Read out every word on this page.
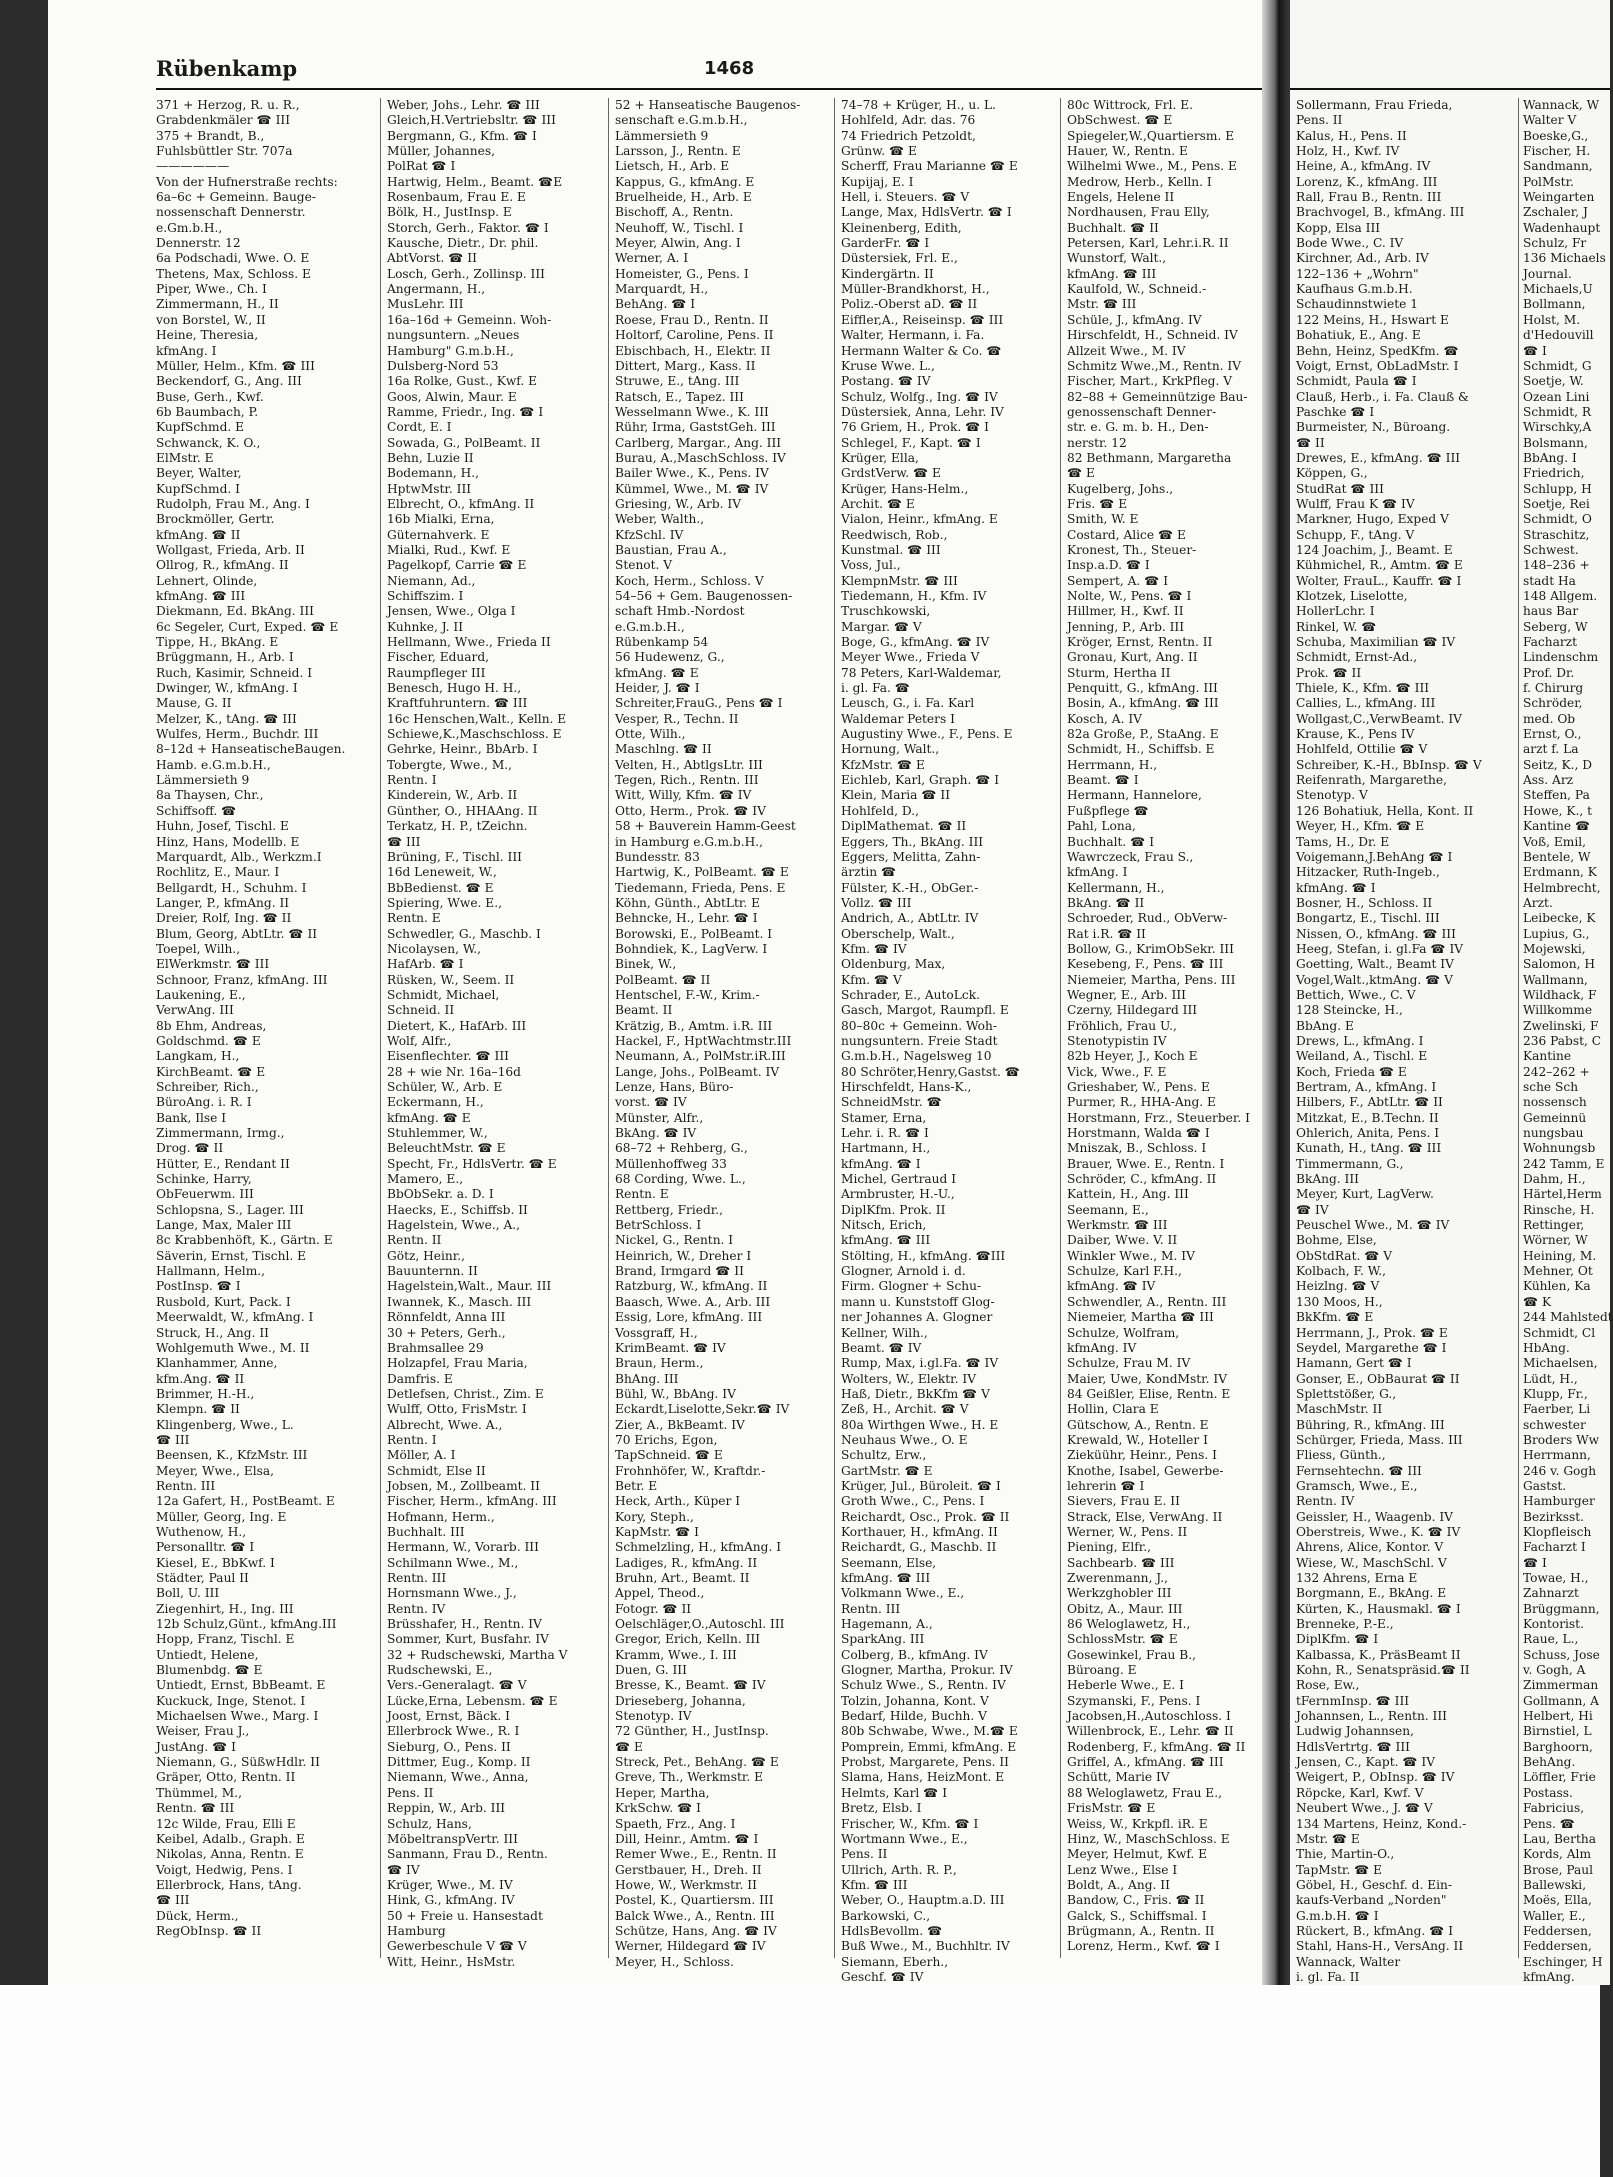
Rübenkamp	1468
371 + Herzog, R. u. R.,
Grabdenkmäler ☎ III
375 + Brandt, B.,
Fuhlsbüttler Str. 707a
——————
Von der Hufnerstraße rechts:
6a–6c + Gemeinn. Bauge-
nossenschaft Dennerstr.
e.Gm.b.H.,
Dennerstr. 12
6a Podschadi, Wwe. O. E
Thetens, Max, Schloss. E
Piper, Wwe., Ch. I
Zimmermann, H., II
von Borstel, W., II
Heine, Theresia,
kfmAng. I
Müller, Helm., Kfm. ☎ III
Beckendorf, G., Ang. III
Buse, Gerh., Kwf.
6b Baumbach, P.
KupfSchmd. E
Schwanck, K. O.,
ElMstr. E
Beyer, Walter,
KupfSchmd. I
Rudolph, Frau M., Ang. I
Brockmöller, Gertr.
kfmAng. ☎ II
Wollgast, Frieda, Arb. II
Ollrog, R., kfmAng. II
Lehnert, Olinde,
kfmAng. ☎ III
Diekmann, Ed. BkAng. III
6c Segeler, Curt, Exped. ☎ E
Tippe, H., BkAng. E
Brüggmann, H., Arb. I
Ruch, Kasimir, Schneid. I
Dwinger, W., kfmAng. I
Mause, G. II
Melzer, K., tAng. ☎ III
Wulfes, Herm., Buchdr. III
8–12d + HanseatischeBaugen.
Hamb. e.G.m.b.H.,
Lämmersieth 9
8a Thaysen, Chr.,
Schiffsoff. ☎
Huhn, Josef, Tischl. E
Hinz, Hans, Modellb. E
Marquardt, Alb., Werkzm.I
Rochlitz, E., Maur. I
Bellgardt, H., Schuhm. I
Langer, P., kfmAng. II
Dreier, Rolf, Ing. ☎ II
Blum, Georg, AbtLtr. ☎ II
Toepel, Wilh.,
ElWerkmstr. ☎ III
Schnoor, Franz, kfmAng. III
Laukening, E.,
VerwAng. III
8b Ehm, Andreas,
Goldschmd. ☎ E
Langkam, H.,
KirchBeamt. ☎ E
Schreiber, Rich.,
BüroAng. i. R. I
Bank, Ilse I
Zimmermann, Irmg.,
Drog. ☎ II
Hütter, E., Rendant II
Schinke, Harry,
ObFeuerwm. III
Schlopsna, S., Lager. III
Lange, Max, Maler III
8c Krabbenhöft, K., Gärtn. E
Säverin, Ernst, Tischl. E
Hallmann, Helm.,
PostInsp. ☎ I
Rusbold, Kurt, Pack. I
Meerwaldt, W., kfmAng. I
Struck, H., Ang. II
Wohlgemuth Wwe., M. II
Klanhammer, Anne,
kfm.Ang. ☎ II
Brimmer, H.-H.,
Klempn. ☎ II
Klingenberg, Wwe., L.
☎ III
Beensen, K., KfzMstr. III
Meyer, Wwe., Elsa,
Rentn. III
12a Gafert, H., PostBeamt. E
Müller, Georg, Ing. E
Wuthenow, H.,
Personalltr. ☎ I
Kiesel, E., BbKwf. I
Städter, Paul II
Boll, U. III
Ziegenhirt, H., Ing. III
12b Schulz,Günt., kfmAng.III
Hopp, Franz, Tischl. E
Untiedt, Helene,
Blumenbdg. ☎ E
Untiedt, Ernst, BbBeamt. E
Kuckuck, Inge, Stenot. I
Michaelsen Wwe., Marg. I
Weiser, Frau J.,
JustAng. ☎ I
Niemann, G., SüßwHdlr. II
Gräper, Otto, Rentn. II
Thümmel, M.,
Rentn. ☎ III
12c Wilde, Frau, Elli E
Keibel, Adalb., Graph. E
Nikolas, Anna, Rentn. E
Voigt, Hedwig, Pens. I
Ellerbrock, Hans, tAng.
☎ III
Dück, Herm.,
RegObInsp. ☎ II
Weber, Johs., Lehr. ☎ III
Gleich,H.Vertriebsltr. ☎ III
Bergmann, G., Kfm. ☎ I
Müller, Johannes,
PolRat ☎ I
Hartwig, Helm., Beamt. ☎E
Rosenbaum, Frau E. E
Bölk, H., JustInsp. E
Storch, Gerh., Faktor. ☎ I
Kausche, Dietr., Dr. phil.
AbtVorst. ☎ II
Losch, Gerh., Zollinsp. III
Angermann, H.,
MusLehr. III
16a–16d + Gemeinn. Woh-
nungsuntern. „Neues
Hamburg" G.m.b.H.,
Dulsberg-Nord 53
16a Rolke, Gust., Kwf. E
Goos, Alwin, Maur. E
Ramme, Friedr., Ing. ☎ I
Cordt, E. I
Sowada, G., PolBeamt. II
Behn, Luzie II
Bodemann, H.,
HptwMstr. III
Elbrecht, O., kfmAng. II
16b Mialki, Erna,
Güternahverk. E
Mialki, Rud., Kwf. E
Pagelkopf, Carrie ☎ E
Niemann, Ad.,
Schiffszim. I
Jensen, Wwe., Olga I
Kuhnke, J. II
Hellmann, Wwe., Frieda II
Fischer, Eduard,
Raumpfleger III
Benesch, Hugo H. H.,
Kraftfuhruntern. ☎ III
16c Henschen,Walt., Kelln. E
Schiewe,K.,Maschschloss. E
Gehrke, Heinr., BbArb. I
Tobergte, Wwe., M.,
Rentn. I
Kinderein, W., Arb. II
Günther, O., HHAAng. II
Terkatz, H. P., tZeichn.
☎ III
Brüning, F., Tischl. III
16d Leneweit, W.,
BbBedienst. ☎ E
Spiering, Wwe. E.,
Rentn. E
Schwedler, G., Maschb. I
Nicolaysen, W.,
HafArb. ☎ I
Rüsken, W., Seem. II
Schmidt, Michael,
Schneid. II
Dietert, K., HafArb. III
Wolf, Alfr.,
Eisenflechter. ☎ III
28 + wie Nr. 16a–16d
Schüler, W., Arb. E
Eckermann, H.,
kfmAng. ☎ E
Stuhlemmer, W.,
BeleuchtMstr. ☎ E
Specht, Fr., HdlsVertr. ☎ E
Mamero, E.,
BbObSekr. a. D. I
Haecks, E., Schiffsb. II
Hagelstein, Wwe., A.,
Rentn. II
Götz, Heinr.,
Bauunternn. II
Hagelstein,Walt., Maur. III
Iwannek, K., Masch. III
Rönnfeldt, Anna III
30 + Peters, Gerh.,
Brahmsallee 29
Holzapfel, Frau Maria,
Damfris. E
Detlefsen, Christ., Zim. E
Wulff, Otto, FrisMstr. I
Albrecht, Wwe. A.,
Rentn. I
Möller, A. I
Schmidt, Else II
Jobsen, M., Zollbeamt. II
Fischer, Herm., kfmAng. III
Hofmann, Herm.,
Buchhalt. III
Hermann, W., Vorarb. III
Schilmann Wwe., M.,
Rentn. III
Hornsmann Wwe., J.,
Rentn. IV
Brüsshafer, H., Rentn. IV
Sommer, Kurt, Busfahr. IV
32 + Rudschewski, Martha V
Rudschewski, E.,
Vers.-Generalagt. ☎ V
Lücke,Erna, Lebensm. ☎ E
Joost, Ernst, Bäck. I
Ellerbrock Wwe., R. I
Sieburg, O., Pens. II
Dittmer, Eug., Komp. II
Niemann, Wwe., Anna,
Pens. II
Reppin, W., Arb. III
Schulz, Hans,
MöbeltranspVertr. III
Sanmann, Frau D., Rentn.
☎ IV
Krüger, Wwe., M. IV
Hink, G., kfmAng. IV
50 + Freie u. Hansestadt
Hamburg
Gewerbeschule V ☎ V
Witt, Heinr., HsMstr.
52 + Hanseatische Baugenos-
senschaft e.G.m.b.H.,
Lämmersieth 9
Larsson, J., Rentn. E
Lietsch, H., Arb. E
Kappus, G., kfmAng. E
Bruelheide, H., Arb. E
Bischoff, A., Rentn.
Neuhoff, W., Tischl. I
Meyer, Alwin, Ang. I
Werner, A. I
Homeister, G., Pens. I
Marquardt, H.,
BehAng. ☎ I
Roese, Frau D., Rentn. II
Holtorf, Caroline, Pens. II
Ebischbach, H., Elektr. II
Dittert, Marg., Kass. II
Struwe, E., tAng. III
Ratsch, E., Tapez. III
Wesselmann Wwe., K. III
Rühr, Irma, GaststGeh. III
Carlberg, Margar., Ang. III
Burau, A.,MaschSchloss. IV
Bailer Wwe., K., Pens. IV
Kümmel, Wwe., M. ☎ IV
Griesing, W., Arb. IV
Weber, Walth.,
KfzSchl. IV
Baustian, Frau A.,
Stenot. V
Koch, Herm., Schloss. V
54–56 + Gem. Baugenossen-
schaft Hmb.-Nordost
e.G.m.b.H.,
Rübenkamp 54
56 Hudewenz, G.,
kfmAng. ☎ E
Heider, J. ☎ I
Schreiter,FrauG., Pens ☎ I
Vesper, R., Techn. II
Otte, Wilh.,
Maschlng. ☎ II
Velten, H., AbtlgsLtr. III
Tegen, Rich., Rentn. III
Witt, Willy, Kfm. ☎ IV
Otto, Herm., Prok. ☎ IV
58 + Bauverein Hamm-Geest
in Hamburg e.G.m.b.H.,
Bundesstr. 83
Hartwig, K., PolBeamt. ☎ E
Tiedemann, Frieda, Pens. E
Köhn, Günth., AbtLtr. E
Behncke, H., Lehr. ☎ I
Borowski, E., PolBeamt. I
Bohndiek, K., LagVerw. I
Binek, W.,
PolBeamt. ☎ II
Hentschel, F.-W., Krim.-
Beamt. II
Krätzig, B., Amtm. i.R. III
Hackel, F., HptWachtmstr.III
Neumann, A., PolMstr.iR.III
Lange, Johs., PolBeamt. IV
Lenze, Hans, Büro-
vorst. ☎ IV
Münster, Alfr.,
BkAng. ☎ IV
68–72 + Rehberg, G.,
Müllenhoffweg 33
68 Cording, Wwe. L.,
Rentn. E
Rettberg, Friedr.,
BetrSchloss. I
Nickel, G., Rentn. I
Heinrich, W., Dreher I
Brand, Irmgard ☎ II
Ratzburg, W., kfmAng. II
Baasch, Wwe. A., Arb. III
Essig, Lore, kfmAng. III
Vossgraff, H.,
KrimBeamt. ☎ IV
Braun, Herm.,
BhAng. III
Bühl, W., BbAng. IV
Eckardt,Liselotte,Sekr.☎ IV
Zier, A., BkBeamt. IV
70 Erichs, Egon,
TapSchneid. ☎ E
Frohnhöfer, W., Kraftdr.-
Betr. E
Heck, Arth., Küper I
Kory, Steph.,
KapMstr. ☎ I
Schmelzling, H., kfmAng. I
Ladiges, R., kfmAng. II
Bruhn, Art., Beamt. II
Appel, Theod.,
Fotogr. ☎ II
Oelschläger,O.,Autoschl. III
Gregor, Erich, Kelln. III
Kramm, Wwe., I. III
Duen, G. III
Bresse, K., Beamt. ☎ IV
Drieseberg, Johanna,
Stenotyp. IV
72 Günther, H., JustInsp.
☎ E
Streck, Pet., BehAng. ☎ E
Greve, Th., Werkmstr. E
Heper, Martha,
KrkSchw. ☎ I
Spaeth, Frz., Ang. I
Dill, Heinr., Amtm. ☎ I
Remer Wwe., E., Rentn. II
Gerstbauer, H., Dreh. II
Howe, W., Werkmstr. II
Postel, K., Quartiersm. III
Balck Wwe., A., Rentn. III
Schütze, Hans, Ang. ☎ IV
Werner, Hildegard ☎ IV
Meyer, H., Schloss.
74–78 + Krüger, H., u. L.
Hohlfeld, Adr. das. 76
74 Friedrich Petzoldt,
Grünw. ☎ E
Scherff, Frau Marianne ☎ E
Kupijaj, E. I
Hell, i. Steuers. ☎ V
Lange, Max, HdlsVertr. ☎ I
Kleinenberg, Edith,
GarderFr. ☎ I
Düstersiek, Frl. E.,
Kindergärtn. II
Müller-Brandkhorst, H.,
Poliz.-Oberst aD. ☎ II
Eiffler,A., Reiseinsp. ☎ III
Walter, Hermann, i. Fa.
Hermann Walter & Co. ☎
Kruse Wwe. L.,
Postang. ☎ IV
Schulz, Wolfg., Ing. ☎ IV
Düstersiek, Anna, Lehr. IV
76 Griem, H., Prok. ☎ I
Schlegel, F., Kapt. ☎ I
Krüger, Ella,
GrdstVerw. ☎ E
Krüger, Hans-Helm.,
Archit. ☎ E
Vialon, Heinr., kfmAng. E
Reedwisch, Rob.,
Kunstmal. ☎ III
Voss, Jul.,
KlempnMstr. ☎ III
Tiedemann, H., Kfm. IV
Truschkowski,
Margar. ☎ V
Boge, G., kfmAng. ☎ IV
Meyer Wwe., Frieda V
78 Peters, Karl-Waldemar,
i. gl. Fa. ☎
Leusch, G., i. Fa. Karl
Waldemar Peters I
Augustiny Wwe., F., Pens. E
Hornung, Walt.,
KfzMstr. ☎ E
Eichleb, Karl, Graph. ☎ I
Klein, Maria ☎ II
Hohlfeld, D.,
DiplMathemat. ☎ II
Eggers, Th., BkAng. III
Eggers, Melitta, Zahn-
ärztin ☎
Fülster, K.-H., ObGer.-
Vollz. ☎ III
Andrich, A., AbtLtr. IV
Oberschelp, Walt.,
Kfm. ☎ IV
Oldenburg, Max,
Kfm. ☎ V
Schrader, E., AutoLck.
Gasch, Margot, Raumpfl. E
80–80c + Gemeinn. Woh-
nungsuntern. Freie Stadt
G.m.b.H., Nagelsweg 10
80 Schröter,Henry,Gastst. ☎
Hirschfeldt, Hans-K.,
SchneidMstr. ☎
Stamer, Erna,
Lehr. i. R. ☎ I
Hartmann, H.,
kfmAng. ☎ I
Michel, Gertraud I
Armbruster, H.-U.,
DiplKfm. Prok. II
Nitsch, Erich,
kfmAng. ☎ III
Stölting, H., kfmAng. ☎III
Glogner, Arnold i. d.
Firm. Glogner + Schu-
mann u. Kunststoff Glog-
ner Johannes A. Glogner
Kellner, Wilh.,
Beamt. ☎ IV
Rump, Max, i.gl.Fa. ☎ IV
Wolters, W., Elektr. IV
Haß, Dietr., BkKfm ☎ V
Zeß, H., Archit. ☎ V
80a Wirthgen Wwe., H. E
Neuhaus Wwe., O. E
Schultz, Erw.,
GartMstr. ☎ E
Krüger, Jul., Büroleit. ☎ I
Groth Wwe., C., Pens. I
Reichardt, Osc., Prok. ☎ II
Korthauer, H., kfmAng. II
Reichardt, G., Maschb. II
Seemann, Else,
kfmAng. ☎ III
Volkmann Wwe., E.,
Rentn. III
Hagemann, A.,
SparkAng. III
Colberg, B., kfmAng. IV
Glogner, Martha, Prokur. IV
Schulz Wwe., S., Rentn. IV
Tolzin, Johanna, Kont. V
Bedarf, Hilde, Buchh. V
80b Schwabe, Wwe., M.☎ E
Pomprein, Emmi, kfmAng. E
Probst, Margarete, Pens. II
Slama, Hans, HeizMont. E
Helmts, Karl ☎ I
Bretz, Elsb. I
Frischer, W., Kfm. ☎ I
Wortmann Wwe., E.,
Pens. II
Ullrich, Arth. R. P.,
Kfm. ☎ III
Weber, O., Hauptm.a.D. III
Barkowski, C.,
HdlsBevollm. ☎
Buß Wwe., M., Buchhltr. IV
Siemann, Eberh.,
Geschf. ☎ IV
80c Wittrock, Frl. E.
ObSchwest. ☎ E
Spiegeler,W.,Quartiersm. E
Hauer, W., Rentn. E
Wilhelmi Wwe., M., Pens. E
Medrow, Herb., Kelln. I
Engels, Helene II
Nordhausen, Frau Elly,
Buchhalt. ☎ II
Petersen, Karl, Lehr.i.R. II
Wunstorf, Walt.,
kfmAng. ☎ III
Kaulfold, W., Schneid.-
Mstr. ☎ III
Schüle, J., kfmAng. IV
Hirschfeldt, H., Schneid. IV
Allzeit Wwe., M. IV
Schmitz Wwe.,M., Rentn. IV
Fischer, Mart., KrkPfleg. V
82–88 + Gemeinnützige Bau-
genossenschaft Denner-
str. e. G. m. b. H., Den-
nerstr. 12
82 Bethmann, Margaretha
☎ E
Kugelberg, Johs.,
Fris. ☎ E
Smith, W. E
Costard, Alice ☎ E
Kronest, Th., Steuer-
Insp.a.D. ☎ I
Sempert, A. ☎ I
Nolte, W., Pens. ☎ I
Hillmer, H., Kwf. II
Jenning, P., Arb. III
Kröger, Ernst, Rentn. II
Gronau, Kurt, Ang. II
Sturm, Hertha II
Penquitt, G., kfmAng. III
Bosin, A., kfmAng. ☎ III
Kosch, A. IV
82a Große, P., StaAng. E
Schmidt, H., Schiffsb. E
Herrmann, H.,
Beamt. ☎ I
Hermann, Hannelore,
Fußpflege ☎
Pahl, Lona,
Buchhalt. ☎ I
Wawrczeck, Frau S.,
kfmAng. I
Kellermann, H.,
BkAng. ☎ II
Schroeder, Rud., ObVerw-
Rat i.R. ☎ II
Bollow, G., KrimObSekr. III
Kesebeng, F., Pens. ☎ III
Niemeier, Martha, Pens. III
Wegner, E., Arb. III
Czerny, Hildegard III
Fröhlich, Frau U.,
Stenotypistin IV
82b Heyer, J., Koch E
Vick, Wwe., F. E
Grieshaber, W., Pens. E
Purmer, R., HHA-Ang. E
Horstmann, Frz., Steuerber. I
Horstmann, Walda ☎ I
Mniszak, B., Schloss. I
Brauer, Wwe. E., Rentn. I
Schröder, C., kfmAng. II
Kattein, H., Ang. III
Seemann, E.,
Werkmstr. ☎ III
Daiber, Wwe. V. II
Winkler Wwe., M. IV
Schulze, Karl F.H.,
kfmAng. ☎ IV
Schwendler, A., Rentn. III
Niemeier, Martha ☎ III
Schulze, Wolfram,
kfmAng. IV
Schulze, Frau M. IV
Maier, Uwe, KondMstr. IV
84 Geißler, Elise, Rentn. E
Hollin, Clara E
Gütschow, A., Rentn. E
Krewald, W., Hoteller I
Zieküühr, Heinr., Pens. I
Knothe, Isabel, Gewerbe-
lehrerin ☎ I
Sievers, Frau E. II
Strack, Else, VerwAng. II
Werner, W., Pens. II
Piening, Elfr.,
Sachbearb. ☎ III
Zwerenmann, J.,
Werkzghobler III
Obitz, A., Maur. III
86 Weloglawetz, H.,
SchlossMstr. ☎ E
Gosewinkel, Frau B.,
Büroang. E
Heberle Wwe., E. I
Szymanski, F., Pens. I
Jacobsen,H.,Autoschloss. I
Willenbrock, E., Lehr. ☎ II
Rodenberg, F., kfmAng. ☎ II
Griffel, A., kfmAng. ☎ III
Schütt, Marie IV
88 Weloglawetz, Frau E.,
FrisMstr. ☎ E
Weiss, W., Krkpfl. iR. E
Hinz, W., MaschSchloss. E
Meyer, Helmut, Kwf. E
Lenz Wwe., Else I
Boldt, A., Ang. II
Bandow, C., Fris. ☎ II
Galck, S., Schiffsmal. I
Brügmann, A., Rentn. II
Lorenz, Herm., Kwf. ☎ I
Sollermann, Frau Frieda,
Pens. II
Kalus, H., Pens. II
Holz, H., Kwf. IV
Heine, A., kfmAng. IV
Lorenz, K., kfmAng. III
Rall, Frau B., Rentn. III
Brachvogel, B., kfmAng. III
Kopp, Elsa III
Bode Wwe., C. IV
Kirchner, Ad., Arb. IV
122–136 + „Wohrn"
Kaufhaus G.m.b.H.
Schaudinnstwiete 1
122 Meins, H., Hswart E
Bohatiuk, E., Ang. E
Behn, Heinz, SpedKfm. ☎
Voigt, Ernst, ObLadMstr. I
Schmidt, Paula ☎ I
Clauß, Herb., i. Fa. Clauß &
Paschke ☎ I
Burmeister, N., Büroang.
☎ II
Drewes, E., kfmAng. ☎ III
Köppen, G.,
StudRat ☎ III
Wulff, Frau K ☎ IV
Markner, Hugo, Exped V
Schupp, F., tAng. V
124 Joachim, J., Beamt. E
Kühmichel, R., Amtm. ☎ E
Wolter, FrauL., Kauffr. ☎ I
Klotzek, Liselotte,
HollerLchr. I
Rinkel, W. ☎
Schuba, Maximilian ☎ IV
Schmidt, Ernst-Ad.,
Prok. ☎ II
Thiele, K., Kfm. ☎ III
Callies, L., kfmAng. III
Wollgast,C.,VerwBeamt. IV
Krause, K., Pens IV
Hohlfeld, Ottilie ☎ V
Schreiber, K.-H., BbInsp. ☎ V
Reifenrath, Margarethe,
Stenotyp. V
126 Bohatiuk, Hella, Kont. II
Weyer, H., Kfm. ☎ E
Tams, H., Dr. E
Voigemann,J.BehAng ☎ I
Hitzacker, Ruth-Ingeb.,
kfmAng. ☎ I
Bosner, H., Schloss. II
Bongartz, E., Tischl. III
Nissen, O., kfmAng. ☎ III
Heeg, Stefan, i. gl.Fa ☎ IV
Goetting, Walt., Beamt IV
Vogel,Walt.,ktmAng. ☎ V
Bettich, Wwe., C. V
128 Steincke, H.,
BbAng. E
Drews, L., kfmAng. I
Weiland, A., Tischl. E
Koch, Frieda ☎ E
Bertram, A., kfmAng. I
Hilbers, F., AbtLtr. ☎ II
Mitzkat, E., B.Techn. II
Ohlerich, Anita, Pens. I
Kunath, H., tAng. ☎ III
Timmermann, G.,
BkAng. III
Meyer, Kurt, LagVerw.
☎ IV
Peuschel Wwe., M. ☎ IV
Bohme, Else,
ObStdRat. ☎ V
Kolbach, F. W.,
Heizlng. ☎ V
130 Moos, H.,
BkKfm. ☎ E
Herrmann, J., Prok. ☎ E
Seydel, Margarethe ☎ I
Hamann, Gert ☎ I
Gonser, E., ObBaurat ☎ II
Splettstößer, G.,
MaschMstr. II
Bühring, R., kfmAng. III
Schürger, Frieda, Mass. III
Fliess, Günth.,
Fernsehtechn. ☎ III
Gramsch, Wwe., E.,
Rentn. IV
Geissler, H., Waagenb. IV
Oberstreis, Wwe., K. ☎ IV
Ahrens, Alice, Kontor. V
Wiese, W., MaschSchl. V
132 Ahrens, Erna E
Borgmann, E., BkAng. E
Kürten, K., Hausmakl. ☎ I
Brenneke, P.-E.,
DiplKfm. ☎ I
Kalbassa, K., PräsBeamt II
Kohn, R., Senatspräsid.☎ II
Rose, Ew.,
tFernmInsp. ☎ III
Johannsen, L., Rentn. III
Ludwig Johannsen,
HdlsVertrtg. ☎ III
Jensen, C., Kapt. ☎ IV
Weigert, P., ObInsp. ☎ IV
Röpcke, Karl, Kwf. V
Neubert Wwe., J. ☎ V
134 Martens, Heinz, Kond.-
Mstr. ☎ E
Thie, Martin-O.,
TapMstr. ☎ E
Göbel, H., Geschf. d. Ein-
kaufs-Verband „Norden"
G.m.b.H. ☎ I
Rückert, B., kfmAng. ☎ I
Stahl, Hans-H., VersAng. II
Wannack, Walter
i. gl. Fa. II
Wannack, W
Walter V
Boeske,G.,
Fischer, H.
Sandmann,
PolMstr.
Weingarten
Zschaler, J
Wadenhaupt
Schulz, Fr
136 Michaels
Journal.
Michaels,U
Bollmann,
Holst, M.
d'Hedouvill
☎ I
Schmidt, G
Soetje, W.
Ozean Lini
Schmidt, R
Wirschky,A
Bolsmann,
BbAng. I
Friedrich,
Schlupp, H
Soetje, Rei
Schmidt, O
Straschitz,
Schwest.
148–236 +
stadt Ha
148 Allgem.
haus Bar
Seberg, W
Facharzt
Lindenschm
Prof. Dr.
f. Chirurg
Schröder,
med. Ob
Ernst, O.,
arzt f. La
Seitz, K., D
Ass. Arz
Steffen, Pa
Howe, K., t
Kantine ☎
Voß, Emil,
Bentele, W
Erdmann, K
Helmbrecht,
Arzt.
Leibecke, K
Lupius, G.,
Mojewski,
Salomon, H
Wallmann,
Wildhack, F
Willkomme
Zwelinski, F
236 Pabst, C
Kantine
242–262 +
sche Sch
nossensch
Gemeinnü
nungsbau
Wohnungsb
242 Tamm, E
Dahm, H.,
Härtel,Herm
Rinsche, H.
Rettinger,
Wörner, W
Heining, M.
Mehner, Ot
Kühlen, Ka
☎ K
244 Mahlstedt
Schmidt, Cl
HbAng.
Michaelsen,
Lüdt, H.,
Klupp, Fr.,
Faerber, Li
schwester
Broders Ww
Herrmann,
246 v. Gogh
Gastst.
Hamburger
Bezirksst.
Klopfleisch
Facharzt I
☎ I
Towae, H.,
Zahnarzt
Brüggmann,
Kontorist.
Raue, L.,
Schuss, Jose
v. Gogh, A
Zimmerman
Gollmann, A
Helbert, Hi
Birnstiel, L
Barghoorn,
BehAng.
Löffler, Frie
Postass.
Fabricius,
Pens. ☎
Lau, Bertha
Kords, Alm
Brose, Paul
Ballewski,
Moës, Ella,
Waller, E.,
Feddersen,
Feddersen,
Eschinger, H
kfmAng.
